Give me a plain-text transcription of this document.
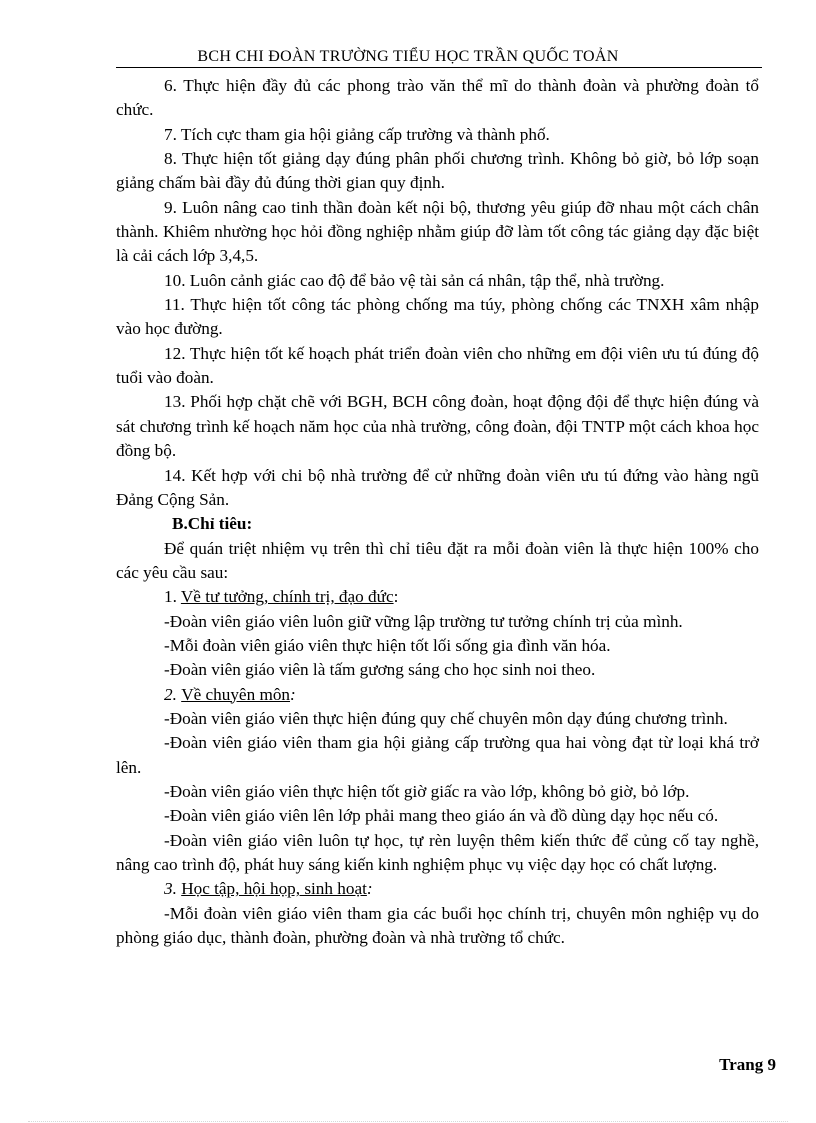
BCH CHI ĐOÀN TRƯỜNG TIỂU HỌC TRẦN QUỐC TOẢN

6. Thực hiện đầy đủ các phong trào văn thể mĩ do thành đoàn và phường đoàn tổ chức.

7. Tích cực tham gia hội giảng cấp trường và thành phố.

8. Thực hiện tốt giảng dạy đúng phân phối chương trình. Không bỏ giờ, bỏ lớp soạn giảng chấm bài đầy đủ đúng thời gian quy định.

9. Luôn nâng cao tinh thần đoàn kết nội bộ, thương yêu giúp đỡ nhau một cách chân thành. Khiêm nhường học hỏi đồng nghiệp nhằm giúp đỡ làm tốt công tác giảng dạy đặc biệt là cải cách lớp 3,4,5.

10. Luôn cảnh giác cao độ để bảo vệ tài sản cá nhân, tập thể, nhà trường.

11. Thực hiện tốt công tác phòng chống ma túy, phòng chống các TNXH xâm nhập vào học đường.

12. Thực hiện tốt kế hoạch phát triển đoàn viên cho những em đội viên ưu tú đúng độ tuổi vào đoàn.

13. Phối hợp chặt chẽ với BGH, BCH công đoàn, hoạt động đội để thực hiện đúng và sát chương trình kế hoạch năm học của nhà trường, công đoàn, đội TNTP một cách khoa học đồng bộ.

14. Kết hợp với chi bộ nhà trường để cử những đoàn viên ưu tú đứng vào hàng ngũ Đảng Cộng Sản.

B.Chỉ tiêu:

Để quán triệt nhiệm vụ trên thì chỉ tiêu đặt ra mỗi đoàn viên là thực hiện 100% cho các yêu cầu sau:

1. Về tư tưởng, chính trị, đạo đức:

-Đoàn viên giáo viên luôn giữ vững lập trường tư tưởng chính trị của mình.

-Mỗi đoàn viên giáo viên thực hiện tốt lối sống gia đình văn hóa.

-Đoàn viên giáo viên là tấm gương sáng cho học sinh noi theo.

2. Về chuyên môn:

-Đoàn viên giáo viên thực hiện đúng quy chế chuyên môn dạy đúng chương trình.

-Đoàn viên giáo viên tham gia hội giảng cấp trường qua hai vòng đạt từ loại khá trở lên.

-Đoàn viên giáo viên thực hiện tốt giờ giấc ra vào lớp, không bỏ giờ, bỏ lớp.

-Đoàn viên giáo viên lên lớp phải mang theo giáo án và đồ dùng dạy học nếu có.

-Đoàn viên giáo viên luôn tự học, tự rèn luyện thêm kiến thức để củng cố tay nghề, nâng cao trình độ, phát huy sáng kiến kinh nghiệm phục vụ việc dạy học có chất lượng.

3. Học tập, hội họp, sinh hoạt:

-Mỗi đoàn viên giáo viên tham gia các buổi học chính trị, chuyên môn nghiệp vụ do phòng giáo dục, thành đoàn, phường đoàn và nhà trường tổ chức.

Trang 9
